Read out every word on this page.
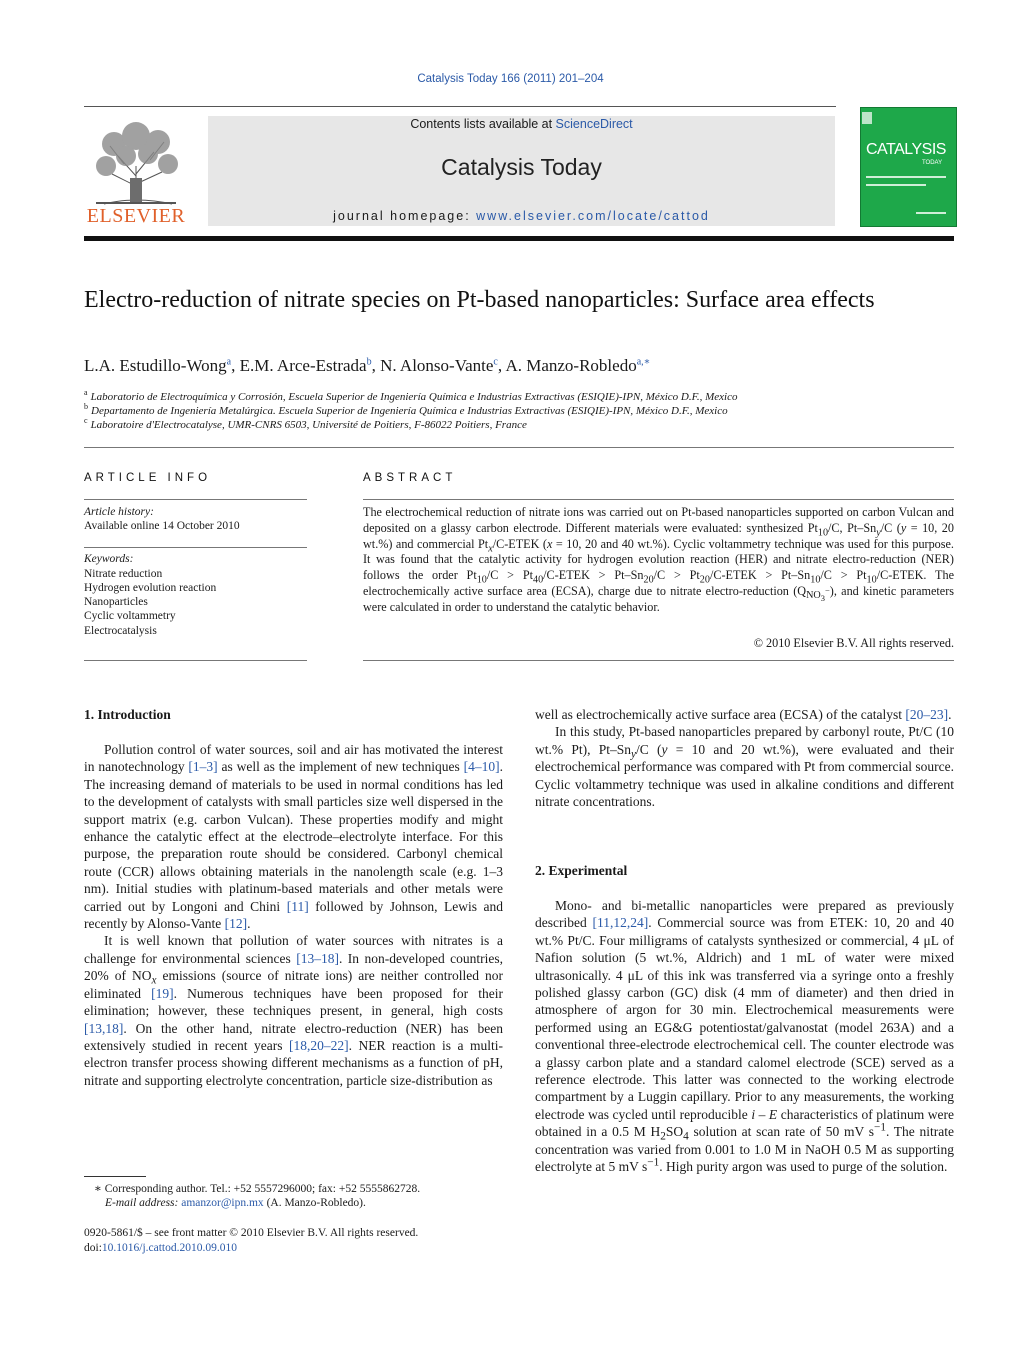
Catalysis Today 166 (2011) 201–204
ELSEVIER
Contents lists available at ScienceDirect
Catalysis Today
journal homepage: www.elsevier.com/locate/cattod
CATALYSIS
TODAY
Electro-reduction of nitrate species on Pt-based nanoparticles: Surface area effects
L.A. Estudillo-Wong$^a$, E.M. Arce-Estrada$^b$, N. Alonso-Vante$^c$, A. Manzo-Robledo$^{a,∗}$
$^a$ Laboratorio de Electroquímica y Corrosión, Escuela Superior de Ingeniería Química e Industrias Extractivas (ESIQIE)-IPN, México D.F., Mexico
$^b$ Departamento de Ingeniería Metalúrgica. Escuela Superior de Ingeniería Química e Industrias Extractivas (ESIQIE)-IPN, México D.F., Mexico
$^c$ Laboratoire d'Electrocatalyse, UMR-CNRS 6503, Université de Poitiers, F-86022 Poitiers, France
ARTICLE INFO
Article history:
Available online 14 October 2010
Keywords:
Nitrate reduction
Hydrogen evolution reaction
Nanoparticles
Cyclic voltammetry
Electrocatalysis
ABSTRACT
The electrochemical reduction of nitrate ions was carried out on Pt-based nanoparticles supported on carbon Vulcan and deposited on a glassy carbon electrode. Different materials were evaluated: synthesized $Pt_{10}/C$, $Pt-Sn_y/C$ (y = 10, 20 wt.%) and commercial $Pt_x/C$-ETEK (x = 10, 20 and 40 wt.%). Cyclic voltammetry technique was used for this purpose. It was found that the catalytic activity for hydrogen evolution reaction (HER) and nitrate electro-reduction (NER) follows the order $Pt_{10}/C$ > $Pt_{40}/C$-ETEK > $Pt-Sn_{20}/C$ > $Pt_{20}/C$-ETEK > $Pt-Sn_{10}/C$ > $Pt_{10}/C$-ETEK. The electrochemically active surface area (ECSA), charge due to nitrate electro-reduction $(Q_{NO_3^-})$, and kinetic parameters were calculated in order to understand the catalytic behavior.
© 2010 Elsevier B.V. All rights reserved.
1. Introduction

Pollution control of water sources, soil and air has motivated the interest in nanotechnology [1–3] as well as the implement of new techniques [4–10]. The increasing demand of materials to be used in normal conditions has led to the development of catalysts with small particles size well dispersed in the support matrix (e.g. carbon Vulcan). These properties modify and might enhance the catalytic effect at the electrode–electrolyte interface. For this purpose, the preparation route should be considered. Carbonyl chemical route (CCR) allows obtaining materials in the nanolength scale (e.g. 1–3 nm). Initial studies with platinum-based materials and other metals were carried out by Longoni and Chini [11] followed by Johnson, Lewis and recently by Alonso-Vante [12].

It is well known that pollution of water sources with nitrates is a challenge for environmental sciences [13–18]. In non-developed countries, 20% of $NO_x$ emissions (source of nitrate ions) are neither controlled nor eliminated [19]. Numerous techniques have been proposed for their elimination; however, these techniques present, in general, high costs [13,18]. On the other hand, nitrate electro-reduction (NER) has been extensively studied in recent years [18,20–22]. NER reaction is a multi-electron transfer process showing different mechanisms as a function of pH, nitrate and supporting electrolyte concentration, particle size-distribution as

∗ Corresponding author. Tel.: +52 5557296000; fax: +52 5555862728.
E-mail address: amanzor@ipn.mx (A. Manzo-Robledo).
0920-5861/$ – see front matter © 2010 Elsevier B.V. All rights reserved.
doi:10.1016/j.cattod.2010.09.010

well as electrochemically active surface area (ECSA) of the catalyst [20–23].

In this study, Pt-based nanoparticles prepared by carbonyl route, Pt/C (10 wt.% Pt), $Pt-Sn_y/C$ (y = 10 and 20 wt.%), were evaluated and their electrochemical performance was compared with Pt from commercial source. Cyclic voltammetry technique was used in alkaline conditions and different nitrate concentrations.

2. Experimental

Mono- and bi-metallic nanoparticles were prepared as previously described [11,12,24]. Commercial source was from ETEK: 10, 20 and 40 wt.% Pt/C. Four milligrams of catalysts synthesized or commercial, 4 μL of Nafion solution (5 wt.%, Aldrich) and 1 mL of water were mixed ultrasonically. 4 μL of this ink was transferred via a syringe onto a freshly polished glassy carbon (GC) disk (4 mm of diameter) and then dried in atmosphere of argon for 30 min. Electrochemical measurements were performed using an EG&G potentiostat/galvanostat (model 263A) and a conventional three-electrode electrochemical cell. The counter electrode was a glassy carbon plate and a standard calomel electrode (SCE) served as a reference electrode. This latter was connected to the working electrode compartment by a Luggin capillary. Prior to any measurements, the working electrode was cycled until reproducible i – E characteristics of platinum were obtained in a 0.5 M $H_2SO_4$ solution at scan rate of 50 mV $s^{-1}$. The nitrate concentration was varied from 0.001 to 1.0 M in NaOH 0.5 M as supporting electrolyte at 5 mV $s^{-1}$. High purity argon was used to purge of the solution.
